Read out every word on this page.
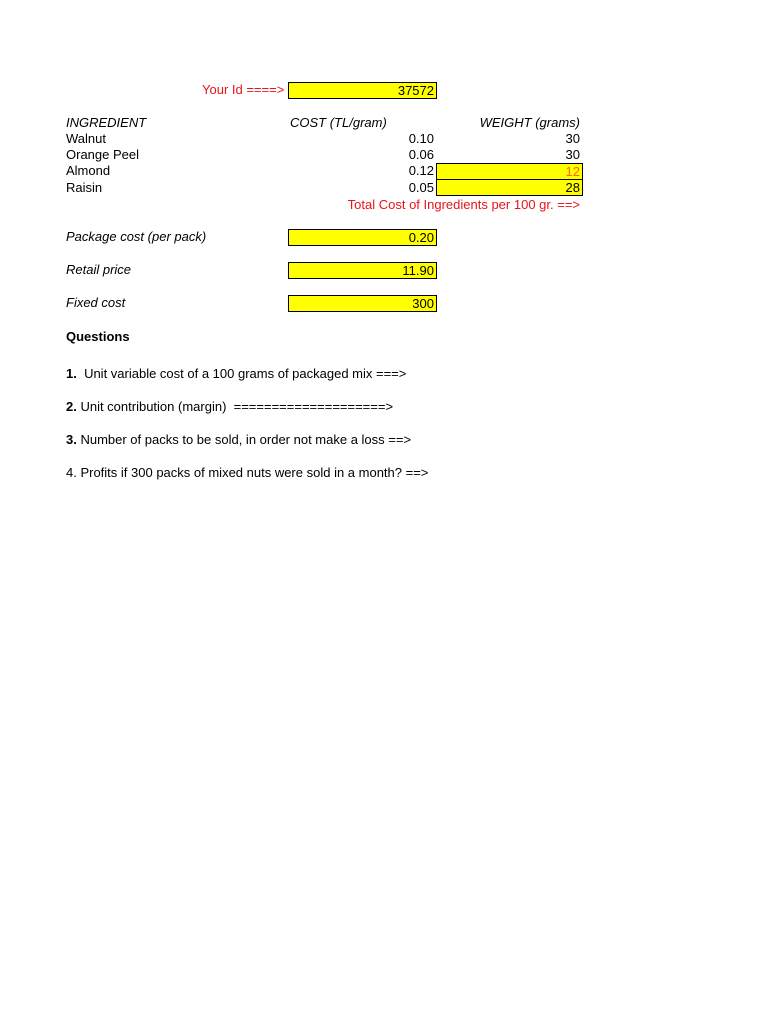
Your Id ====>	37572
INGREDIENT	COST (TL/gram)	WEIGHT (grams)
Walnut	0.10	30
Orange Peel	0.06	30
Almond	0.12	12
Raisin	0.05	28
Total Cost of Ingredients per 100 gr. ==>
Package cost (per pack)	0.20
Retail price	11.90
Fixed cost	300
Questions
1.  Unit variable cost of a 100 grams of packaged mix ===>
2. Unit contribution (margin)  ====================>
3. Number of packs to be sold, in order not make a loss ==>
4. Profits if 300 packs of mixed nuts were sold in a month? ==>
